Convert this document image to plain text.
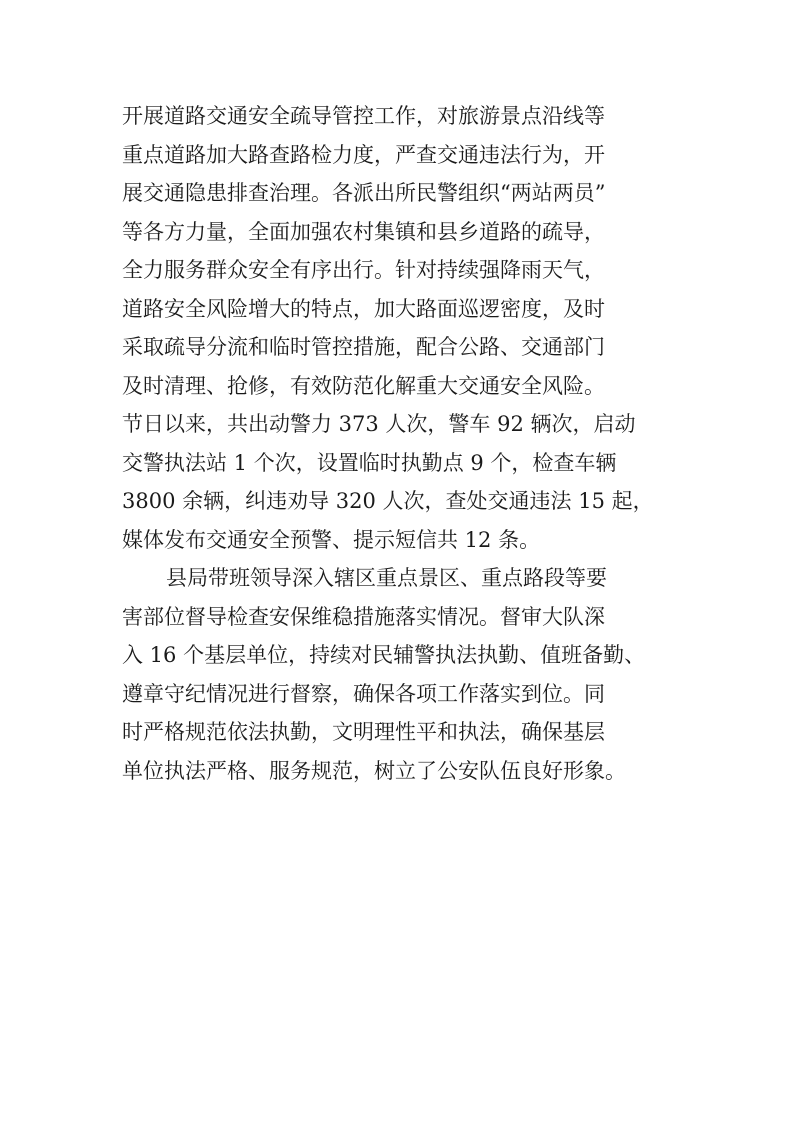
开展道路交通安全疏导管控工作，对旅游景点沿线等
重点道路加大路查路检力度，严查交通违法行为，开
展交通隐患排查治理。各派出所民警组织“两站两员”
等各方力量，全面加强农村集镇和县乡道路的疏导，
全力服务群众安全有序出行。针对持续强降雨天气，
道路安全风险增大的特点，加大路面巡逻密度，及时
采取疏导分流和临时管控措施，配合公路、交通部门
及时清理、抢修，有效防范化解重大交通安全风险。
节日以来，共出动警力 373 人次，警车 92 辆次，启动
交警执法站 1 个次，设置临时执勤点 9 个，检查车辆
3800 余辆，纠违劝导 320 人次，查处交通违法 15 起，
媒体发布交通安全预警、提示短信共 12 条。
县局带班领导深入辖区重点景区、重点路段等要
害部位督导检查安保维稳措施落实情况。督审大队深
入 16 个基层单位，持续对民辅警执法执勤、值班备勤、
遵章守纪情况进行督察，确保各项工作落实到位。同
时严格规范依法执勤，文明理性平和执法，确保基层
单位执法严格、服务规范，树立了公安队伍良好形象。
